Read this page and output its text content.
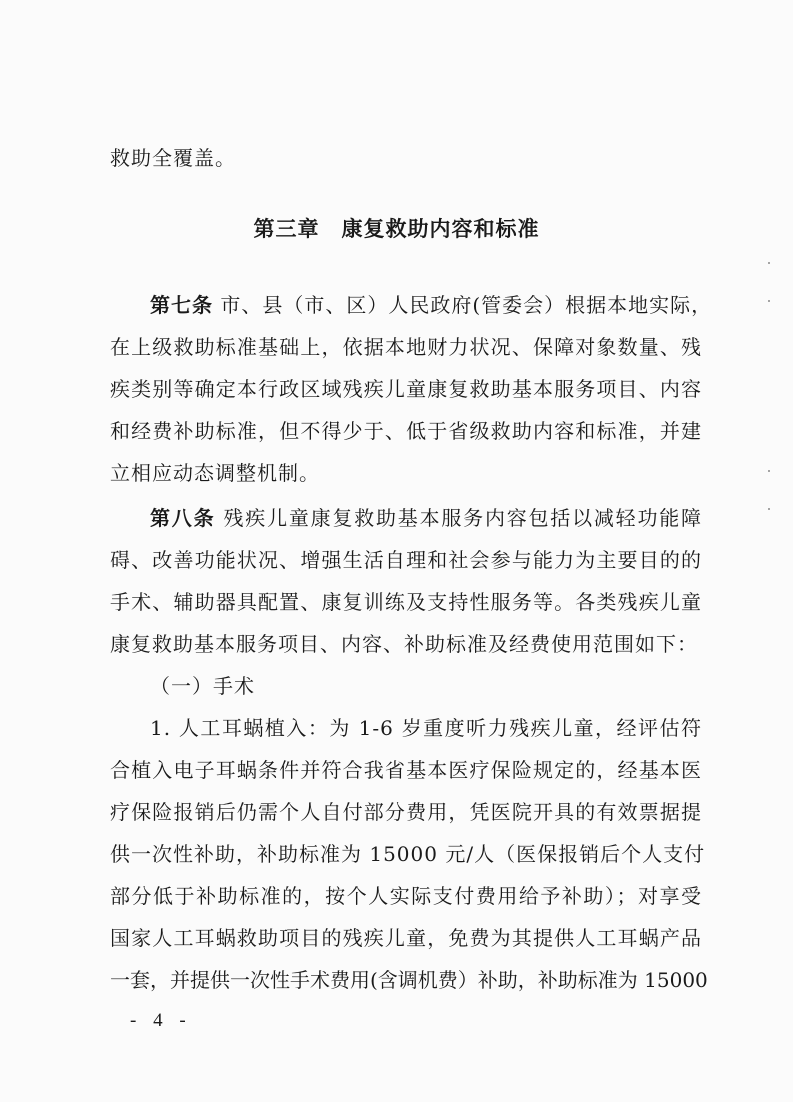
救助全覆盖。
第三章 康复救助内容和标准
第七条 市、县（市、区）人民政府(管委会）根据本地实际，
在上级救助标准基础上，依据本地财力状况、保障对象数量、残
疾类别等确定本行政区域残疾儿童康复救助基本服务项目、内容
和经费补助标准，但不得少于、低于省级救助内容和标准，并建
立相应动态调整机制。
第八条 残疾儿童康复救助基本服务内容包括以减轻功能障
碍、改善功能状况、增强生活自理和社会参与能力为主要目的的
手术、辅助器具配置、康复训练及支持性服务等。各类残疾儿童
康复救助基本服务项目、内容、补助标准及经费使用范围如下：
（一）手术
1. 人工耳蜗植入：为 1-6 岁重度听力残疾儿童，经评估符
合植入电子耳蜗条件并符合我省基本医疗保险规定的，经基本医
疗保险报销后仍需个人自付部分费用，凭医院开具的有效票据提
供一次性补助，补助标准为 15000 元/人（医保报销后个人支付
部分低于补助标准的，按个人实际支付费用给予补助）；对享受
国家人工耳蜗救助项目的残疾儿童，免费为其提供人工耳蜗产品
一套，并提供一次性手术费用(含调机费）补助，补助标准为 15000
- 4 -
